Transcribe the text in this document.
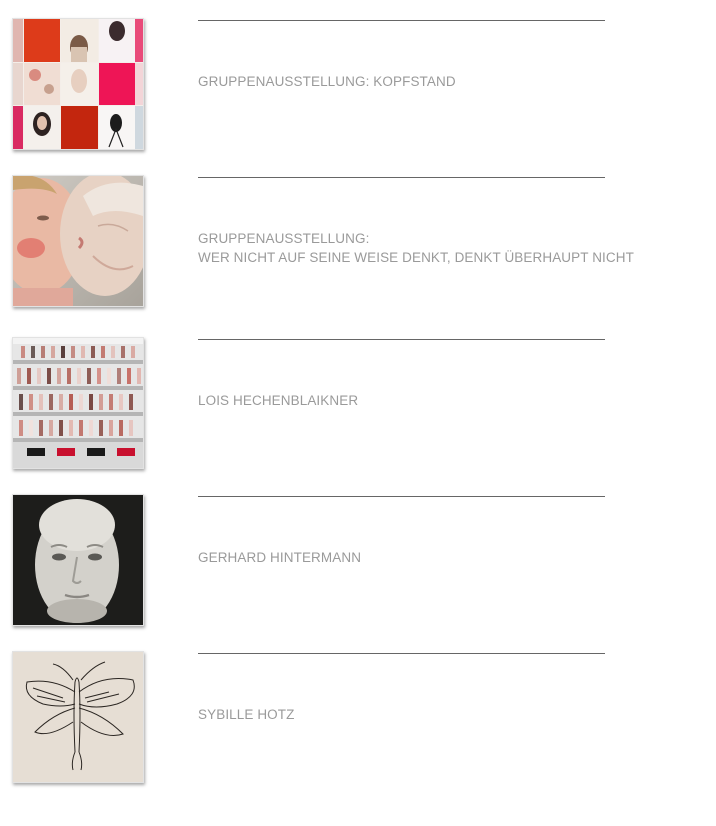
GRUPPENAUSSTELLUNG: KOPFSTAND
GRUPPENAUSSTELLUNG:
WER NICHT AUF SEINE WEISE DENKT, DENKT ÜBERHAUPT NICHT
LOIS HECHENBLAIKNER
GERHARD HINTERMANN
SYBILLE HOTZ
